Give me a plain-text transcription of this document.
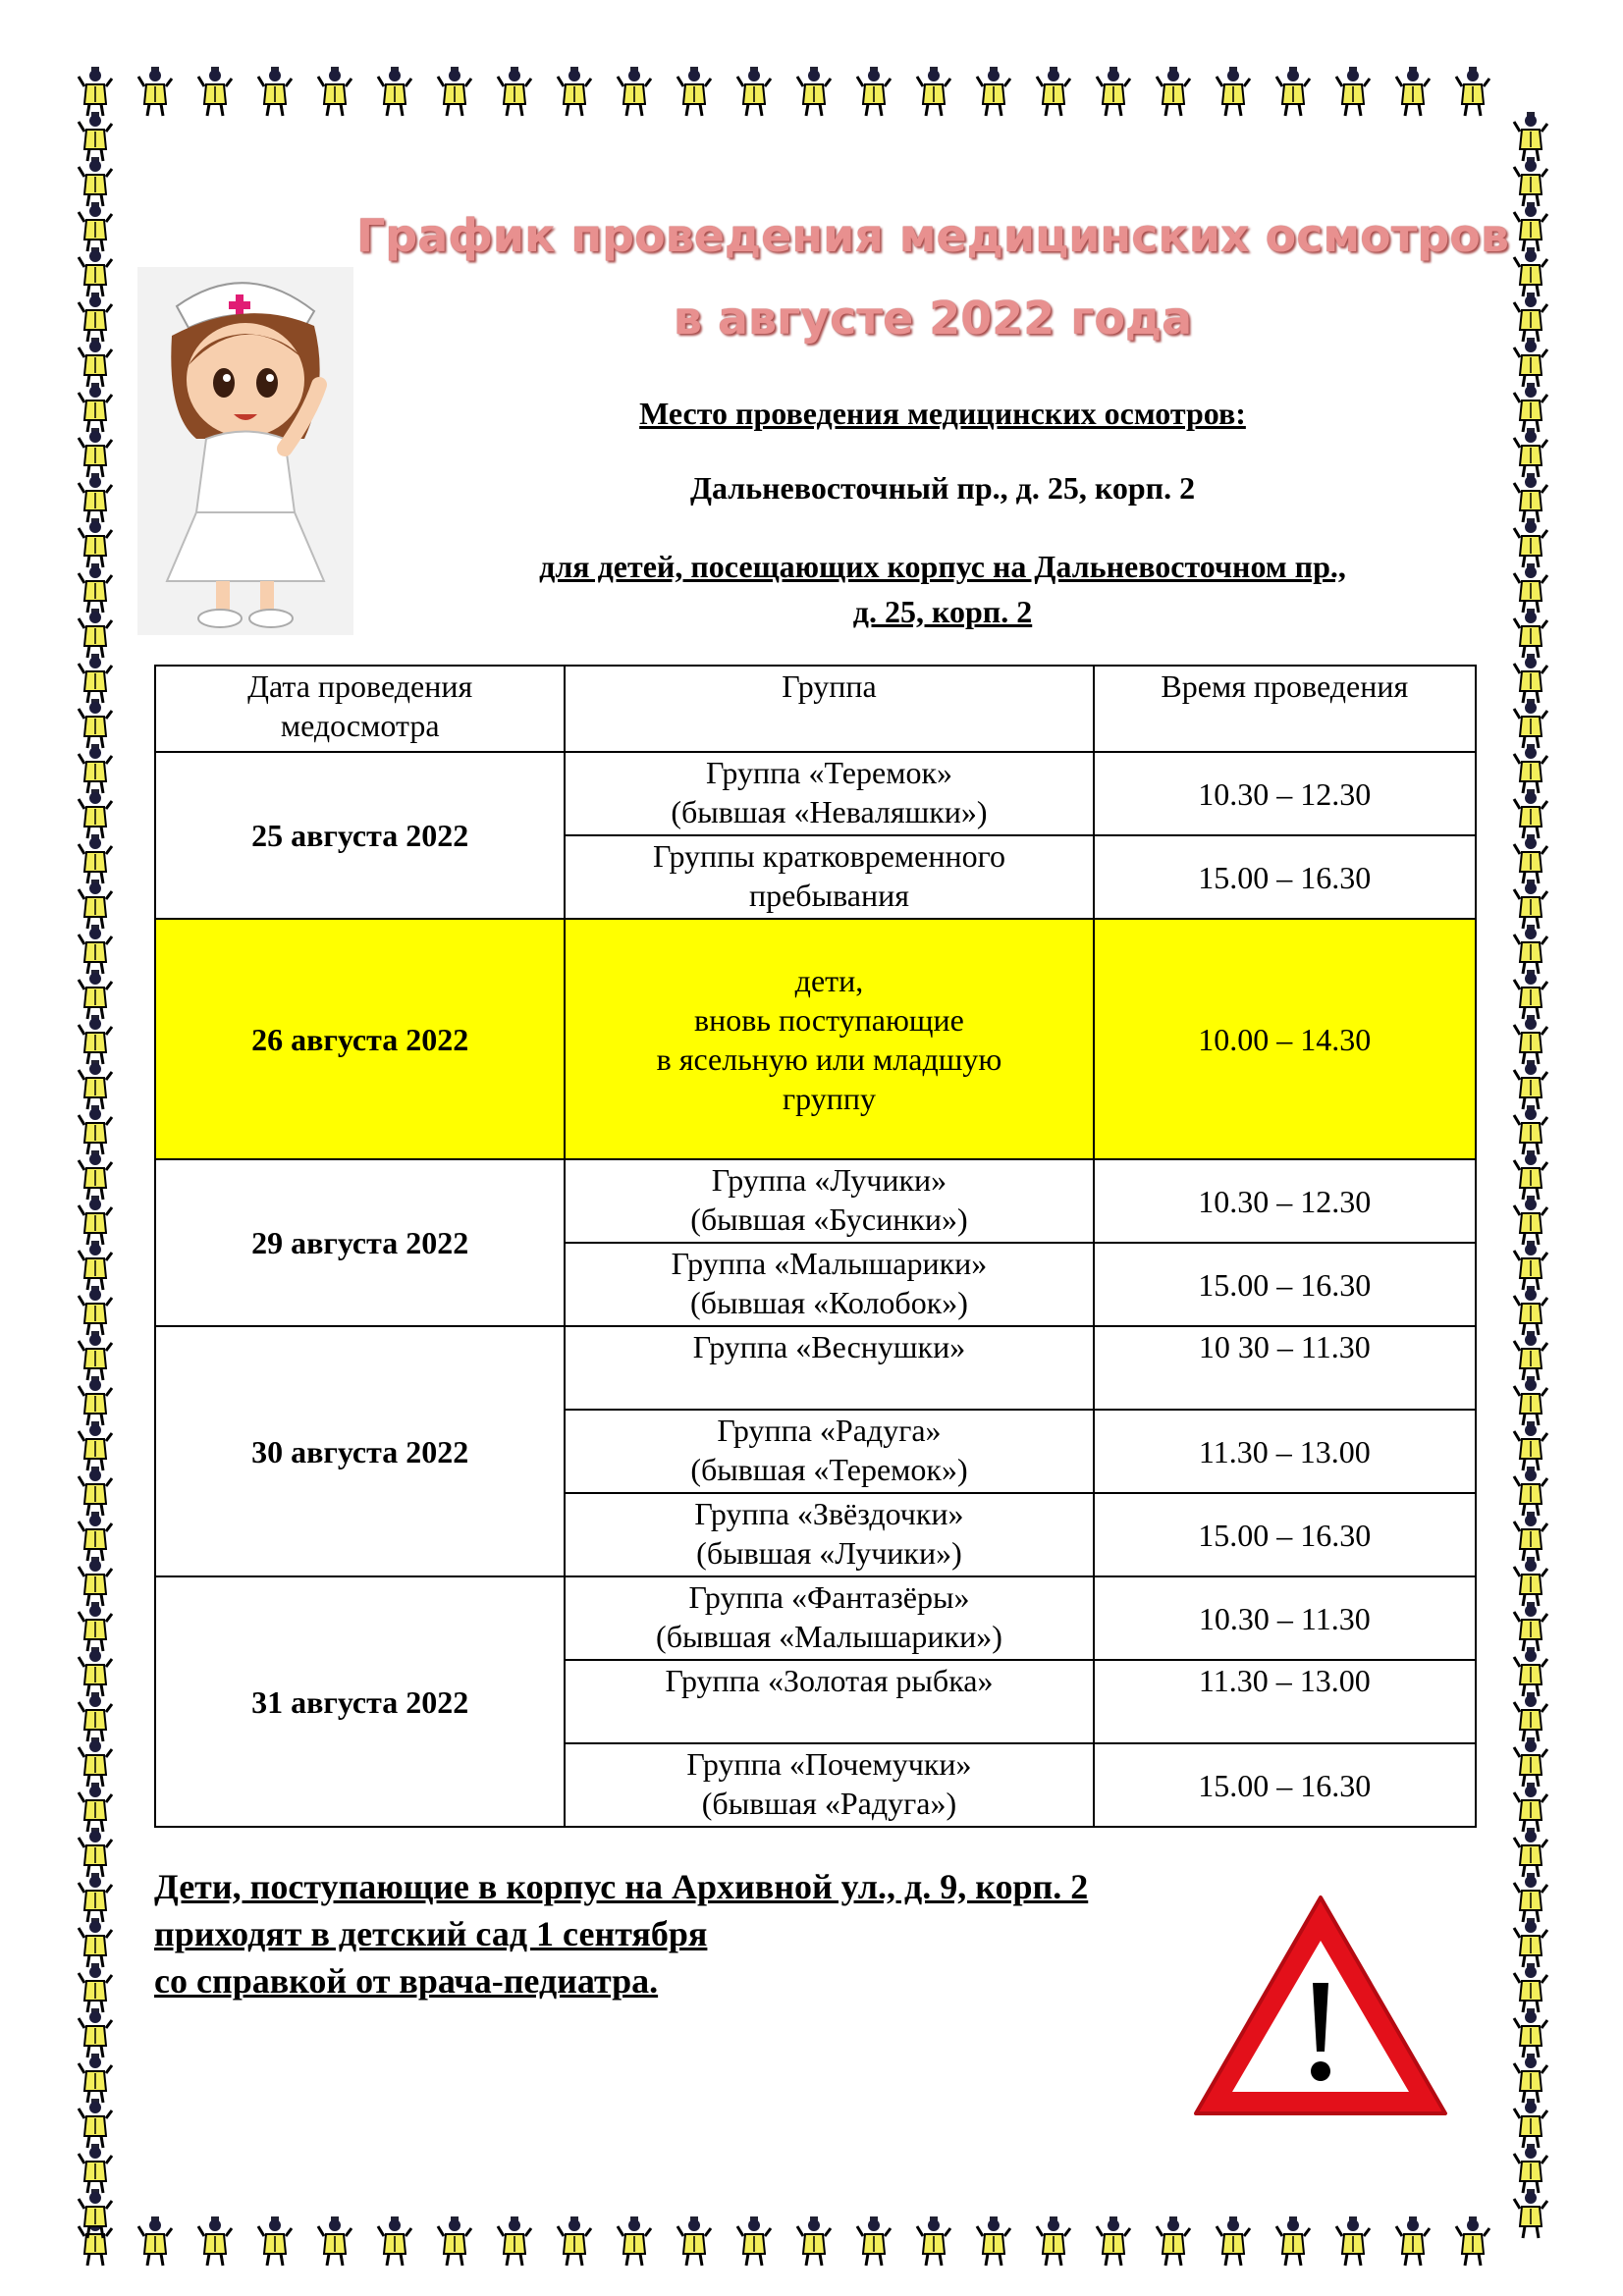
График проведения медицинских осмотров
в августе 2022 года
Место проведения медицинских осмотров:
Дальневосточный пр., д. 25, корп. 2
для детей, посещающих корпус на Дальневосточном пр.,
д. 25, корп. 2
Дата проведения
медосмотра	Группа	Время проведения
25 августа 2022	Группа «Теремок»
(бывшая «Неваляшки»)	10.30 – 12.30

	Группы кратковременного
пребывания	15.00 – 16.30
26 августа 2022	дети,
вновь поступающие
в ясельную или младшую
группу	10.00 – 14.30
29 августа 2022	Группа «Лучики»
(бывшая «Бусинки»)	10.30 – 12.30

	Группа «Малышарики»
(бывшая «Колобок»)	15.00 – 16.30
30 августа 2022	Группа «Веснушки»	10 30 – 11.30

	Группа «Радуга»
(бывшая «Теремок»)	11.30 – 13.00

	Группа «Звёздочки»
(бывшая «Лучики»)	15.00 – 16.30
31 августа 2022	Группа «Фантазёры»
(бывшая «Малышарики»)	10.30 – 11.30

	Группа «Золотая рыбка»	11.30 – 13.00

	Группа «Почемучки»
(бывшая «Радуга»)	15.00 – 16.30
Дети, поступающие в корпус на Архивной ул., д. 9, корп. 2
приходят в детский сад 1 сентября
со справкой от врача-педиатра.
